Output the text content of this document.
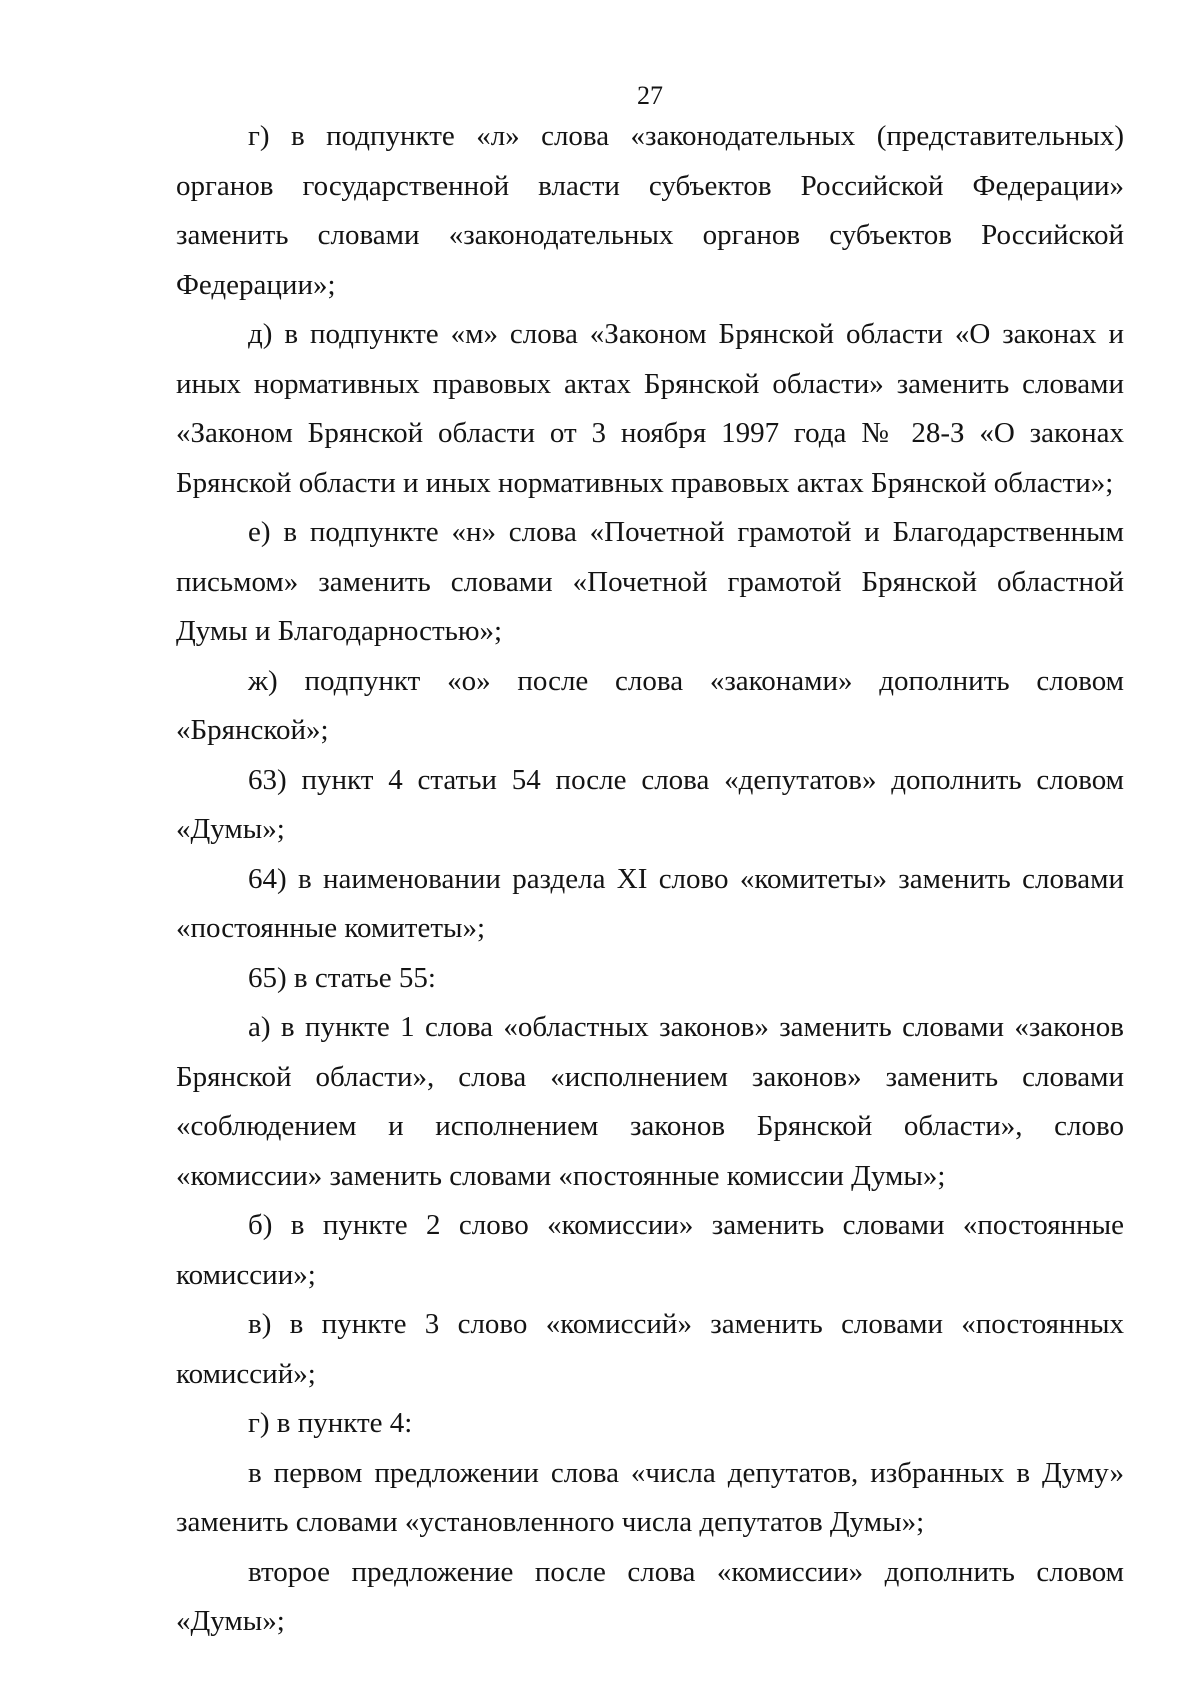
27

г) в подпункте «л» слова «законодательных (представительных) органов государственной власти субъектов Российской Федерации» заменить словами «законодательных органов субъектов Российской Федерации»;

д) в подпункте «м» слова «Законом Брянской области «О законах и иных нормативных правовых актах Брянской области» заменить словами «Законом Брянской области от 3 ноября 1997 года № 28-З «О законах Брянской области и иных нормативных правовых актах Брянской области»;

е) в подпункте «н» слова «Почетной грамотой и Благодарственным письмом» заменить словами «Почетной грамотой Брянской областной Думы и Благодарностью»;

ж) подпункт «о» после слова «законами» дополнить словом «Брянской»;

63) пункт 4 статьи 54 после слова «депутатов» дополнить словом «Думы»;

64) в наименовании раздела XI слово «комитеты» заменить словами «постоянные комитеты»;

65) в статье 55:

а) в пункте 1 слова «областных законов» заменить словами «законов Брянской области», слова «исполнением законов» заменить словами «соблюдением и исполнением законов Брянской области», слово «комиссии» заменить словами «постоянные комиссии Думы»;

б) в пункте 2 слово «комиссии» заменить словами «постоянные комиссии»;

в) в пункте 3 слово «комиссий» заменить словами «постоянных комиссий»;

г) в пункте 4:

в первом предложении слова «числа депутатов, избранных в Думу» заменить словами «установленного числа депутатов Думы»;

второе предложение после слова «комиссии» дополнить словом «Думы»;
